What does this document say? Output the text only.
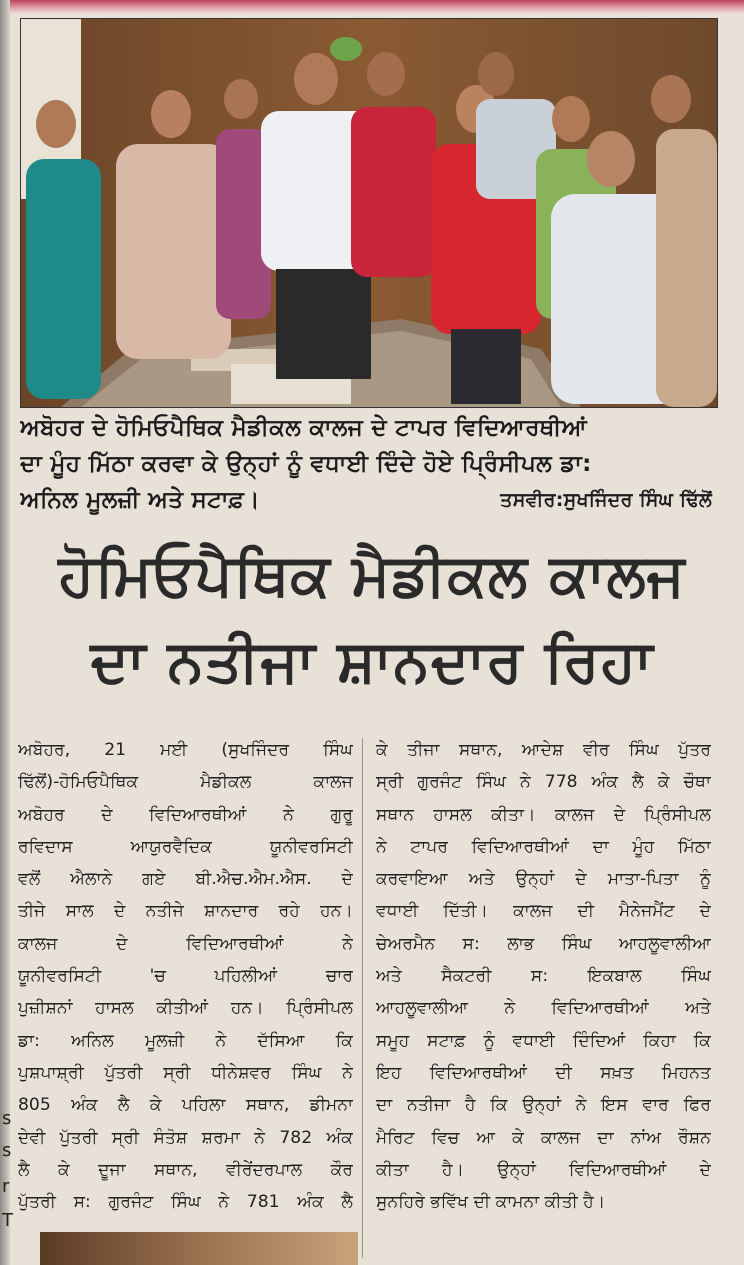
ਅਬੋਹਰ ਦੇ ਹੋਮਿਓਪੈਥਿਕ ਮੈਡੀਕਲ ਕਾਲਜ ਦੇ ਟਾਪਰ ਵਿਦਿਆਰਥੀਆਂ
ਦਾ ਮੂੰਹ ਮਿੱਠਾ ਕਰਵਾ ਕੇ ਉਨ੍ਹਾਂ ਨੂੰ ਵਧਾਈ ਦਿੰਦੇ ਹੋਏ ਪ੍ਰਿੰਸੀਪਲ ਡਾ:
ਅਨਿਲ ਮੂਲਜ਼ੀ ਅਤੇ ਸਟਾਫ਼।	ਤਸਵੀਰ:ਸੁਖਜਿੰਦਰ ਸਿੰਘ ਢਿੱਲੋਂ
ਹੋਮਿਓਪੈਥਿਕ ਮੈਡੀਕਲ ਕਾਲਜ
ਦਾ ਨਤੀਜਾ ਸ਼ਾਨਦਾਰ ਰਿਹਾ
ਅਬੋਹਰ, 21 ਮਈ (ਸੁਖਜਿੰਦਰ ਸਿੰਘ
ਢਿੱਲੋਂ)-ਹੋਮਿਓਪੈਥਿਕ ਮੈਡੀਕਲ ਕਾਲਜ
ਅਬੋਹਰ ਦੇ ਵਿਦਿਆਰਥੀਆਂ ਨੇ ਗੁਰੂ
ਰਵਿਦਾਸ ਆਯੁਰਵੈਦਿਕ ਯੂਨੀਵਰਸਿਟੀ
ਵਲੋਂ ਐਲਾਨੇ ਗਏ ਬੀ.ਐਚ.ਐਮ.ਐਸ. ਦੇ
ਤੀਜੇ ਸਾਲ ਦੇ ਨਤੀਜੇ ਸ਼ਾਨਦਾਰ ਰਹੇ ਹਨ।
ਕਾਲਜ ਦੇ ਵਿਦਿਆਰਥੀਆਂ ਨੇ
ਯੂਨੀਵਰਸਿਟੀ 'ਚ ਪਹਿਲੀਆਂ ਚਾਰ
ਪੁਜ਼ੀਸ਼ਨਾਂ ਹਾਸਲ ਕੀਤੀਆਂ ਹਨ। ਪ੍ਰਿੰਸੀਪਲ
ਡਾ: ਅਨਿਲ ਮੂਲਜ਼ੀ ਨੇ ਦੱਸਿਆ ਕਿ
ਪੁਸ਼ਪਾਸ਼੍ਰੀ ਪੁੱਤਰੀ ਸ੍ਰੀ ਧੀਨੇਸ਼ਵਰ ਸਿੰਘ ਨੇ
805 ਅੰਕ ਲੈ ਕੇ ਪਹਿਲਾ ਸਥਾਨ, ਡੀਮਨਾ
ਦੇਵੀ ਪੁੱਤਰੀ ਸ੍ਰੀ ਸੰਤੋਸ਼ ਸ਼ਰਮਾ ਨੇ 782 ਅੰਕ
ਲੈ ਕੇ ਦੂਜਾ ਸਥਾਨ, ਵੀਰੇਂਦਰਪਾਲ ਕੌਰ
ਪੁੱਤਰੀ ਸ: ਗੁਰਜੰਟ ਸਿੰਘ ਨੇ 781 ਅੰਕ ਲੈ
ਕੇ ਤੀਜਾ ਸਥਾਨ, ਆਦੇਸ਼ ਵੀਰ ਸਿੰਘ ਪੁੱਤਰ
ਸ੍ਰੀ ਗੁਰਜੰਟ ਸਿੰਘ ਨੇ 778 ਅੰਕ ਲੈ ਕੇ ਚੌਥਾ
ਸਥਾਨ ਹਾਸਲ ਕੀਤਾ। ਕਾਲਜ ਦੇ ਪ੍ਰਿੰਸੀਪਲ
ਨੇ ਟਾਪਰ ਵਿਦਿਆਰਥੀਆਂ ਦਾ ਮੂੰਹ ਮਿੱਠਾ
ਕਰਵਾਇਆ ਅਤੇ ਉਨ੍ਹਾਂ ਦੇ ਮਾਤਾ-ਪਿਤਾ ਨੂੰ
ਵਧਾਈ ਦਿੱਤੀ। ਕਾਲਜ ਦੀ ਮੈਨੇਜਮੈਂਟ ਦੇ
ਚੇਅਰਮੈਨ ਸ: ਲਾਭ ਸਿੰਘ ਆਹਲੂਵਾਲੀਆ
ਅਤੇ ਸੈਕਟਰੀ ਸ: ਇਕਬਾਲ ਸਿੰਘ
ਆਹਲੂਵਾਲੀਆ ਨੇ ਵਿਦਿਆਰਥੀਆਂ ਅਤੇ
ਸਮੂਹ ਸਟਾਫ਼ ਨੂੰ ਵਧਾਈ ਦਿੰਦਿਆਂ ਕਿਹਾ ਕਿ
ਇਹ ਵਿਦਿਆਰਥੀਆਂ ਦੀ ਸਖ਼ਤ ਮਿਹਨਤ
ਦਾ ਨਤੀਜਾ ਹੈ ਕਿ ਉਨ੍ਹਾਂ ਨੇ ਇਸ ਵਾਰ ਫਿਰ
ਮੈਰਿਟ ਵਿਚ ਆ ਕੇ ਕਾਲਜ ਦਾ ਨਾਂਅ ਰੌਸ਼ਨ
ਕੀਤਾ ਹੈ। ਉਨ੍ਹਾਂ ਵਿਦਿਆਰਥੀਆਂ ਦੇ
ਸੁਨਹਿਰੇ ਭਵਿੱਖ ਦੀ ਕਾਮਨਾ ਕੀਤੀ ਹੈ।
s
r
s
T
